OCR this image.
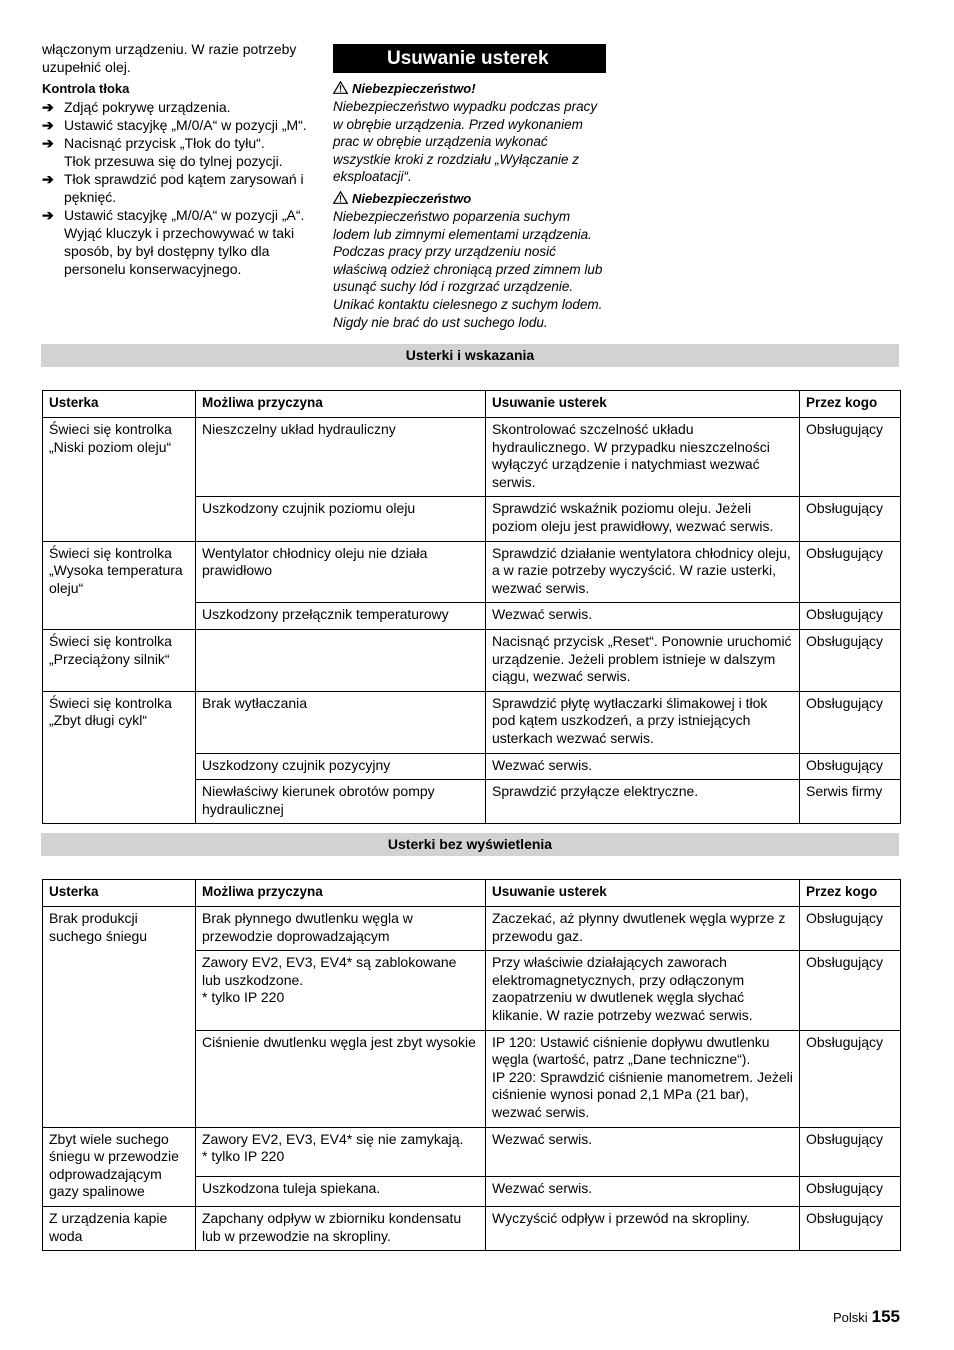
włączonym urządzeniu. W razie potrzeby uzupełnić olej.

Kontrola tłoka

➔ Zdjąć pokrywę urządzenia.
➔ Ustawić stacyjkę „M/0/A“ w pozycji „M“.
➔ Nacisnąć przycisk „Tłok do tyłu“.
Tłok przesuwa się do tylnej pozycji.
➔ Tłok sprawdzić pod kątem zarysowań i pęknięć.
➔ Ustawić stacyjkę „M/0/A“ w pozycji „A“.
Wyjąć kluczyk i przechowywać w taki sposób, by był dostępny tylko dla personelu konserwacyjnego.
Usuwanie usterek
Niebezpieczeństwo!

Niebezpieczeństwo wypadku podczas pracy w obrębie urządzenia. Przed wykonaniem prac w obrębie urządzenia wykonać wszystkie kroki z rozdziału „Wyłączanie z eksploatacji“.

Niebezpieczeństwo

Niebezpieczeństwo poparzenia suchym lodem lub zimnymi elementami urządzenia. Podczas pracy przy urządzeniu nosić właściwą odzież chroniącą przed zimnem lub usunąć suchy lód i rozgrzać urządzenie. Unikać kontaktu cielesnego z suchym lodem. Nigdy nie brać do ust suchego lodu.

Usterki i wskazania
Usterka	Możliwa przyczyna	Usuwanie usterek	Przez kogo
Świeci się kontrolka
„Niski poziom oleju“	Nieszczelny układ hydrauliczny	Skontrolować szczelność układu hydraulicznego. W przypadku nieszczelności wyłączyć urządzenie i natychmiast wezwać serwis.	Obsługujący
	Uszkodzony czujnik poziomu oleju	Sprawdzić wskaźnik poziomu oleju. Jeżeli poziom oleju jest prawidłowy, wezwać serwis.	Obsługujący
Świeci się kontrolka
„Wysoka temperatura oleju“	Wentylator chłodnicy oleju nie działa prawidłowo	Sprawdzić działanie wentylatora chłodnicy oleju, a w razie potrzeby wyczyścić. W razie usterki, wezwać serwis.	Obsługujący
	Uszkodzony przełącznik temperaturowy	Wezwać serwis.	Obsługujący
Świeci się kontrolka
„Przeciążony silnik“		Nacisnąć przycisk „Reset“. Ponownie uruchomić urządzenie. Jeżeli problem istnieje w dalszym ciągu, wezwać serwis.	Obsługujący
Świeci się kontrolka
„Zbyt długi cykl“	Brak wytłaczania	Sprawdzić płytę wytłaczarki ślimakowej i tłok pod kątem uszkodzeń, a przy istniejących usterkach wezwać serwis.	Obsługujący
	Uszkodzony czujnik pozycyjny	Wezwać serwis.	Obsługujący
	Niewłaściwy kierunek obrotów pompy hydraulicznej	Sprawdzić przyłącze elektryczne.	Serwis firmy
Usterki bez wyświetlenia
Usterka	Możliwa przyczyna	Usuwanie usterek	Przez kogo
Brak produkcji suchego śniegu	Brak płynnego dwutlenku węgla w przewodzie doprowadzającym	Zaczekać, aż płynny dwutlenek węgla wyprze z przewodu gaz.	Obsługujący
	Zawory EV2, EV3, EV4* są zablokowane lub uszkodzone.
* tylko IP 220	Przy właściwie działających zaworach elektromagnetycznych, przy odłączonym zaopatrzeniu w dwutlenek węgla słychać klikanie. W razie potrzeby wezwać serwis.	Obsługujący
	Ciśnienie dwutlenku węgla jest zbyt wysokie	IP 120: Ustawić ciśnienie dopływu dwutlenku węgla (wartość, patrz „Dane techniczne“).
IP 220: Sprawdzić ciśnienie manometrem. Jeżeli ciśnienie wynosi ponad 2,1 MPa (21 bar), wezwać serwis.	Obsługujący
Zbyt wiele suchego śniegu w przewodzie odprowadzającym gazy spalinowe	Zawory EV2, EV3, EV4* się nie zamykają.
* tylko IP 220	Wezwać serwis.	Obsługujący
	Uszkodzona tuleja spiekana.	Wezwać serwis.	Obsługujący
Z urządzenia kapie woda	Zapchany odpływ w zbiorniku kondensatu lub w przewodzie na skropliny.	Wyczyścić odpływ i przewód na skropliny.	Obsługujący
Polski 155
